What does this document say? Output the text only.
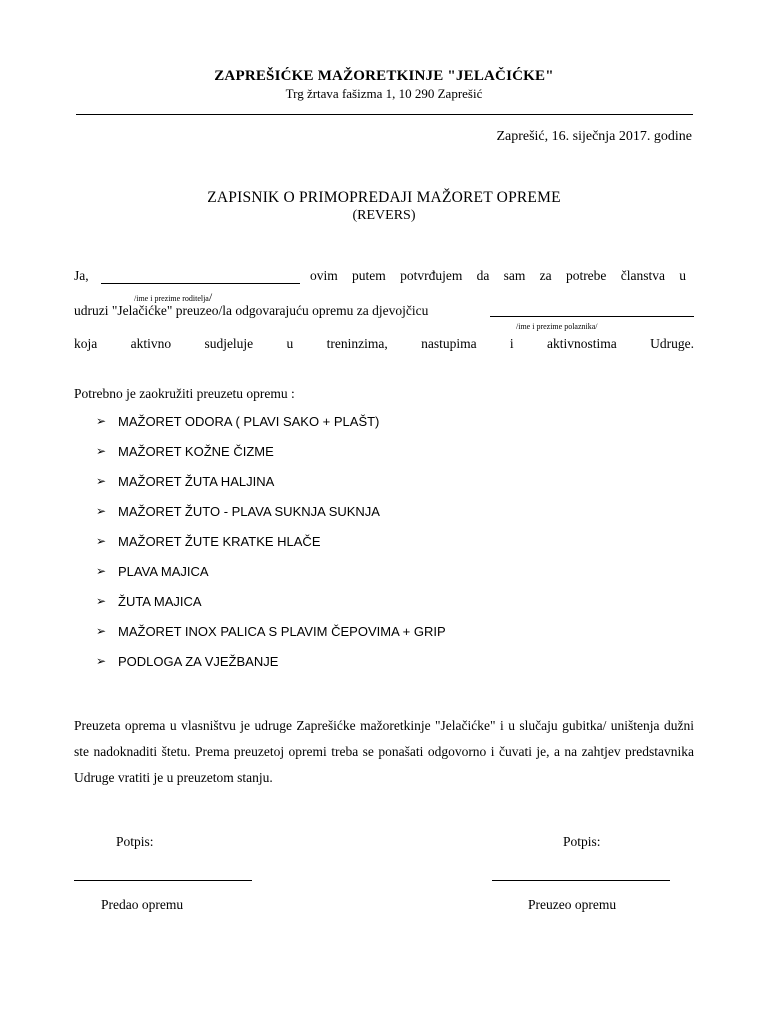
ZAPREŠIĆKE MAŽORETKINJE "JELAČIĆKE"
Trg žrtava fašizma 1, 10 290 Zaprešić
Zaprešić, 16. siječnja 2017. godine
ZAPISNIK O PRIMOPREDAJI MAŽORET OPREME
(REVERS)
Ja,	ovim putem potvrđujem da sam za potrebe članstva u
/ime i prezime roditelja/
udruzi "Jelačićke" preuzeo/la odgovarajuću opremu za djevojčicu
/ime i prezime polaznika/
koja aktivno sudjeluje u treninzima, nastupima i aktivnostima Udruge.
Potrebno je zaokružiti preuzetu opremu :
➢ MAŽORET ODORA ( PLAVI SAKO + PLAŠT)
➢ MAŽORET KOŽNE ČIZME
➢ MAŽORET ŽUTA HALJINA
➢ MAŽORET ŽUTO - PLAVA SUKNJA SUKNJA
➢ MAŽORET ŽUTE KRATKE HLAČE
➢ PLAVA MAJICA
➢ ŽUTA MAJICA
➢ MAŽORET INOX PALICA S PLAVIM ČEPOVIMA + GRIP
➢ PODLOGA ZA VJEŽBANJE
Preuzeta oprema u vlasništvu je udruge Zaprešićke mažoretkinje "Jelačićke" i u slučaju gubitka/ uništenja dužni ste nadoknaditi štetu. Prema preuzetoj opremi treba se ponašati odgovorno i čuvati je, a na zahtjev predstavnika Udruge vratiti je u preuzetom stanju.
Potpis:
Predao opremu
Potpis:
Preuzeo opremu
